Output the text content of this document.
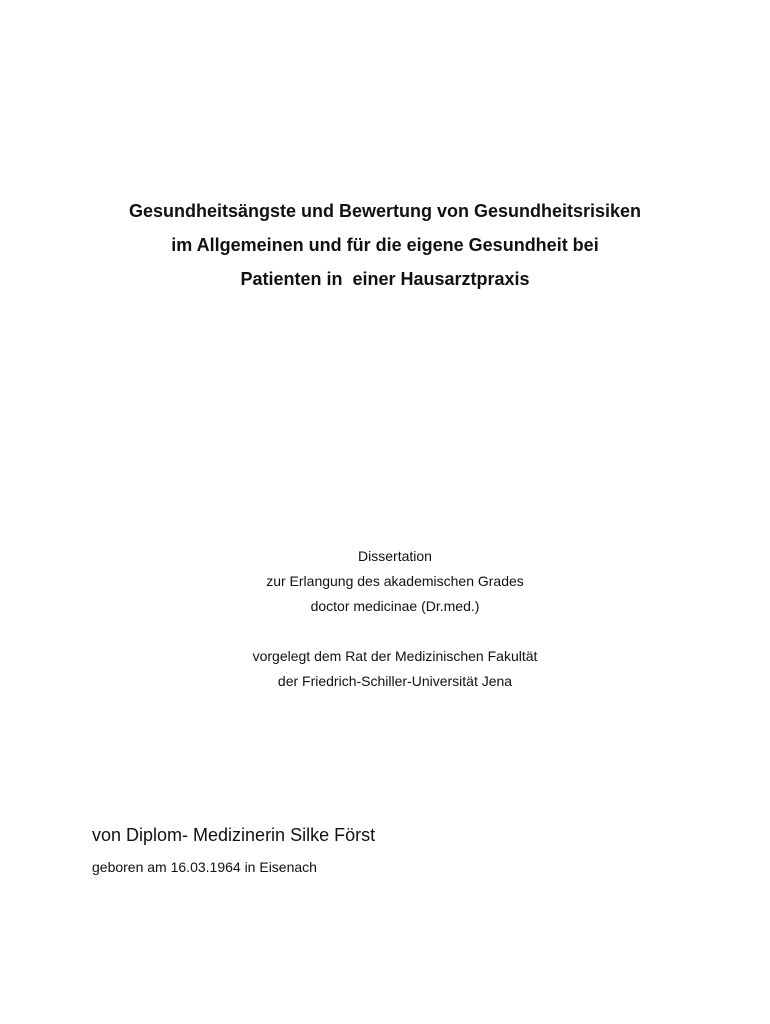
Gesundheitsängste und Bewertung von Gesundheitsrisiken
im Allgemeinen und für die eigene Gesundheit bei
Patienten in  einer Hausarztpraxis
Dissertation
zur Erlangung des akademischen Grades
doctor medicinae (Dr.med.)
vorgelegt dem Rat der Medizinischen Fakultät
der Friedrich-Schiller-Universität Jena
von Diplom- Medizinerin Silke Först
geboren am 16.03.1964 in Eisenach
